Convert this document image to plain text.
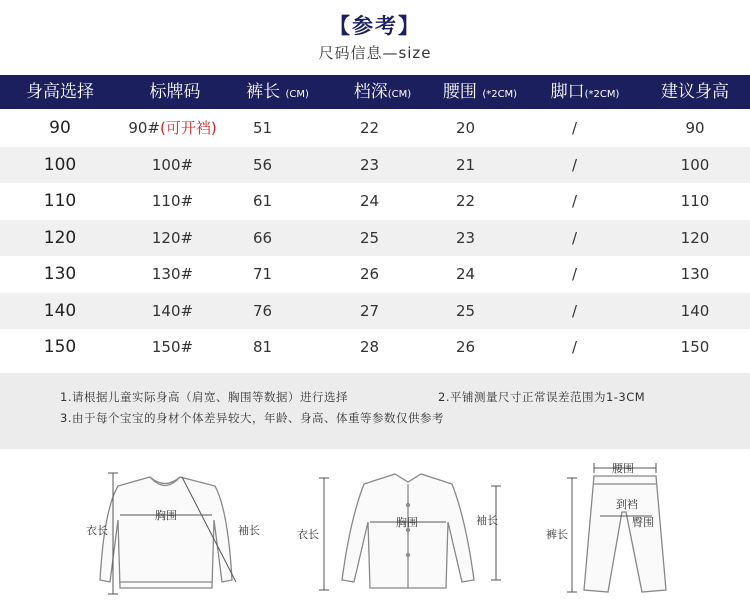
【参考】
尺码信息—size
身高选择	标牌码	裤长 (CM)	档深(CM)	腰围 (*2CM)	脚口(*2CM)	建议身高
90	90#(可开裆)	51	22	20	/	90
100	100#	56	23	21	/	100
110	110#	61	24	22	/	110
120	120#	66	25	23	/	120
130	130#	71	26	24	/	130
140	140#	76	27	25	/	140
150	150#	81	28	26	/	150
1.请根据儿童实际身高（肩宽、胸围等数据）进行选择	2.平铺测量尺寸正常误差范围为1-3CM
3.由于每个宝宝的身材个体差异较大，年龄、身高、体重等参数仅供参考
衣长
胸围
袖长	衣长
胸围	袖长
腰围
到裆
臀围
裤长
